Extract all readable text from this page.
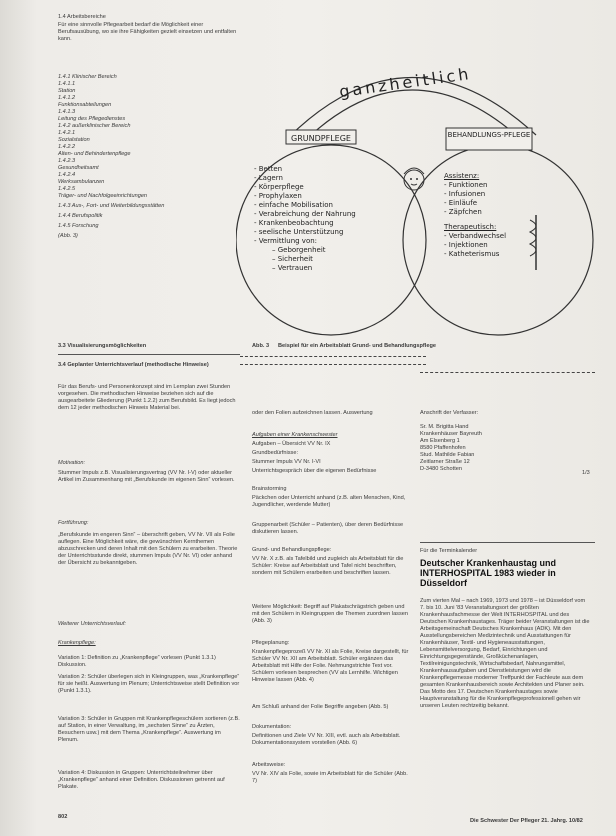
1.4 Arbeitsbereiche
Für eine sinnvolle Pflegearbeit bedarf die Möglichkeit einer Berufsausübung, wo sie ihre Fähigkeiten gezielt einsetzen und entfalten kann.
1.4.1 Klinischer Bereich
1.4.1.1
Station
1.4.1.2
Funktionsabteilungen
1.4.1.3
Leitung des Pflegedienstes
1.4.2 außerklinischer Bereich
1.4.2.1
Sozialstation
1.4.2.2
Alten- und Behindertenpflege
1.4.2.3
Gesundheitsamt
1.4.2.4
Werksambulanzen
1.4.2.5
Träger- und Nachfolgeeinrichtungen
1.4.3 Aus-, Fort- und Weiterbildungsstätten
1.4.4 Berufspolitik
1.4.5 Forschung
(Abb. 3)
ganzheitlich
GRUNDPFLEGE	BEHANDLUNGS-PFLEGE
- Betten
- Lagern
- Körperpflege
- Prophylaxen
- einfache Mobilisation
- Verabreichung der Nahrung
- Krankenbeobachtung
- seelische Unterstützung
- Vermittlung von:
– Geborgenheit
– Sicherheit
– Vertrauen
Assistenz:
- Funktionen
- Infusionen
- Einläufe
- Zäpfchen
Therapeutisch:
- Verbandwechsel
- Injektionen
- Katheterismus
Abb. 3 Beispiel für ein Arbeitsblatt Grund- und Behandlungspflege
3.3 Visualisierungsmöglichkeiten
3.4 Geplanter Unterrichtsverlauf (methodische Hinweise)
Für das Berufs- und Personenkonzept sind im Lernplan zwei Stunden vorgesehen. Die methodischen Hinweise beziehen sich auf die ausgearbeitete Gliederung (Punkt 1.2.2) zum Berufsbild. Es liegt jedoch dem 12 jeder methodischen Hinweis Material bei.
Motivation:
Stummer Impuls z.B. Visualisierungsvertrag (VV Nr. I-V) oder aktueller Artikel im Zusammenhang mit „Berufskunde im eigenen Sinn“ vorlesen.
Fortführung:
„Berufskunde im engeren Sinn“ – überschrift geben, VV Nr. VII als Folie auflegen. Eine Möglichkeit wäre, die gewünschten Kernthemen abzuschrecken und deren Inhalt mit den Schülern zu erarbeiten. Theorie der Unterrichtsstunde direkt, stummen Impuls (VV Nr. VI) oder anhand der Übersicht zu bekanntgeben.
Weiterer Unterrichtsverlauf:
Krankenpflege:
Variation 1: Definition zu „Krankenpflege“ vorlesen (Punkt 1.3.1) Diskussion.
Variation 2: Schüler überlegen sich in Kleingruppen, was „Krankenpflege“ für sie heißt. Auswertung im Plenum; Unterrichtsweise stellt Definition vor (Punkt 1.3.1).
Variation 3: Schüler in Gruppen mit Krankenpflegeschülern sortieren (z.B. auf Station, in einer Verwaltung, im „sechsten Sinne“ zu Ärzten, Besuchern usw.) mit dem Thema „Krankenpflege“. Auswertung im Plenum.
Variation 4: Diskussion in Gruppen: Unterrichtsteilnehmer über „Krankenpflege“ anhand einer Definition. Diskussionen getrennt auf Plakate.
802
oder den Folien aufzeichnen lassen. Auswertung
Aufgaben einer Krankenschwester
Aufgaben – Übersicht VV Nr. IX
Grundbedürfnisse:
Stummer Impuls VV Nr. I-VI
Unterrichtsgespräch über die eigenen Bedürfnisse
Brainstorming
Päckchen oder Unterricht anhand (z.B. alten Menschen, Kind, Jugendlicher, werdende Mutter)
Gruppenarbeit (Schüler – Patienten), über deren Bedürfnisse diskutieren lassen.
Grund- und Behandlungspflege:
VV Nr. X z.B. als Tafelbild und zugleich als Arbeitsblatt für die Schüler: Kreise auf Arbeitsblatt und Tafel nicht beschriften, sondern mit Schülern erarbeiten und beschriften lassen.
Weitere Möglichkeit: Begriff auf Plakatschrägstrich geben und mit den Schülern in Kleingruppen die Themen zuordnen lassen (Abb. 3)
Pflegeplanung:
Krankenpflegeprozeß VV Nr. XI als Folie, Kreise dargestellt, für Schüler VV Nr. XII am Arbeitsblatt. Schüler ergänzen das Arbeitsblatt mit Hilfe der Folie. Nehmungstrichte Text vor. Schülern vorlesen besprechen (VV als Lernhilfe. Wichtigen Hinweise lassen (Abb. 4)
Am Schluß anhand der Folie Begriffe angeben (Abb. 5)
Dokumentation:
Definitionen und Ziele VV Nr. XIII, evtl. auch als Arbeitsblatt. Dokumentationssystem vorstellen (Abb. 6)
Arbeitsweise:
VV Nr. XIV als Folie, sowie im Arbeitsblatt für die Schüler (Abb. 7)
Anschrift der Verfasser:
Sr. M. Brigitta Hand
Krankenhäuser Bayreuth
Am Elsenberg 1
8580 Pfaffenhofen
Stud. Mathilde Fabian
Zeitlarner Straße 12
D-3480 Schotten
1/3
Für die Terminkalender
Deutscher Krankenhaustag und INTERHOSPITAL 1983 wieder in Düsseldorf
Zum vierten Mal – nach 1969, 1973 und 1978 – ist Düsseldorf vom 7. bis 10. Juni '83 Veranstaltungsort der größten Krankenhausfachmesse der Welt INTERHOSPITAL und des Deutschen Krankenhaustages. Träger beider Veranstaltungen ist die Arbeitsgemeinschaft Deutsches Krankenhaus (ADK). Mit den Ausstellungsbereichen Medizintechnik und Ausstattungen für Krankenhäuser, Textil- und Hygieneausstattungen, Lebensmittelversorgung, Bedarf, Einrichtungen und Einrichtungsgegenstände, Großküchenanlagen, Textilreinigungstechnik, Wirtschaftsbedarf, Nahrungsmittel, Krankenhausaufgaben und Dienstleistungen wird die Krankenpflegemesse moderner Treffpunkt der Fachleute aus dem gesamten Krankenhausbereich sowie Architekten und Planer sein. Das Motto des 17. Deutschen Krankenhaustages sowie Hauptveranstaltung für die Krankenpflegeprofessionell gehen wir unseren Leuten rechtzeitig bekannt.
Die Schwester Der Pfleger 21. Jahrg. 10/82
